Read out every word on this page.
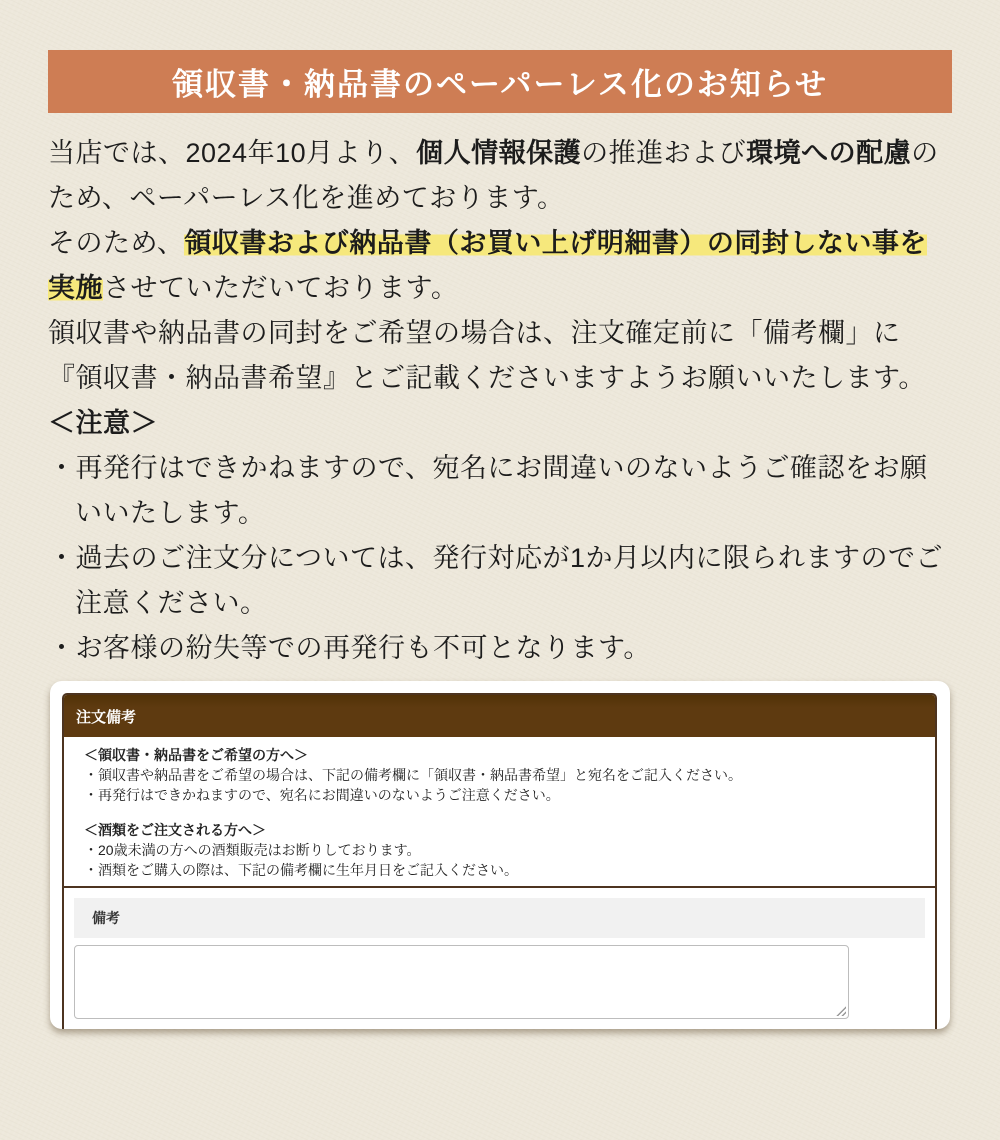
領収書・納品書のペーパーレス化のお知らせ

当店では、2024年10月より、個人情報保護の推進および環境への配慮のため、ペーパーレス化を進めております。

そのため、領収書および納品書（お買い上げ明細書）の同封しない事を実施させていただいております。

領収書や納品書の同封をご希望の場合は、注文確定前に「備考欄」に『領収書・納品書希望』とご記載くださいますようお願いいたします。

＜注意＞

・再発行はできかねますので、宛名にお間違いのないようご確認をお願いいたします。
・過去のご注文分については、発行対応が1か月以内に限られますのでご注意ください。
・お客様の紛失等での再発行も不可となります。
注文備考
＜領収書・納品書をご希望の方へ＞
・領収書や納品書をご希望の場合は、下記の備考欄に「領収書・納品書希望」と宛名をご記入ください。
・再発行はできかねますので、宛名にお間違いのないようご注意ください。
＜酒類をご注文される方へ＞
・20歳未満の方への酒類販売はお断りしております。
・酒類をご購入の際は、下記の備考欄に生年月日をご記入ください。
備考
